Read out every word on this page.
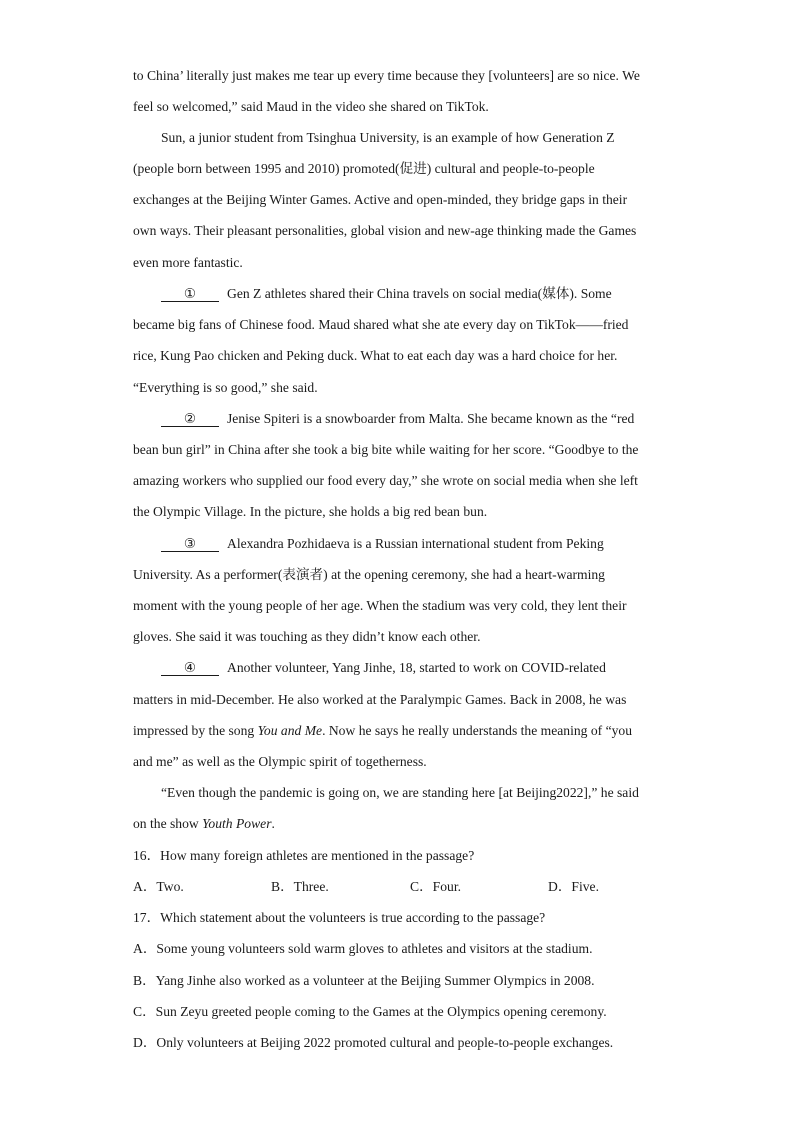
to China’ literally just makes me tear up every time because they [volunteers] are so nice. We
feel so welcomed,” said Maud in the video she shared on TikTok.
Sun, a junior student from Tsinghua University, is an example of how Generation Z
(people born between 1995 and 2010) promoted(促进) cultural and people-to-people
exchanges at the Beijing Winter Games. Active and open-minded, they bridge gaps in their
own ways. Their pleasant personalities, global vision and new-age thinking made the Games
even more fantastic.
① Gen Z athletes shared their China travels on social media(媒体). Some
became big fans of Chinese food. Maud shared what she ate every day on TikTok——fried
rice, Kung Pao chicken and Peking duck. What to eat each day was a hard choice for her.
“Everything is so good,” she said.
② Jenise Spiteri is a snowboarder from Malta. She became known as the “red
bean bun girl” in China after she took a big bite while waiting for her score. “Goodbye to the
amazing workers who supplied our food every day,” she wrote on social media when she left
the Olympic Village. In the picture, she holds a big red bean bun.
③ Alexandra Pozhidaeva is a Russian international student from Peking
University. As a performer(表演者) at the opening ceremony, she had a heart-warming
moment with the young people of her age. When the stadium was very cold, they lent their
gloves. She said it was touching as they didn’t know each other.
④ Another volunteer, Yang Jinhe, 18, started to work on COVID-related
matters in mid-December. He also worked at the Paralympic Games. Back in 2008, he was
impressed by the song You and Me. Now he says he really understands the meaning of “you
and me” as well as the Olympic spirit of togetherness.
“Even though the pandemic is going on, we are standing here [at Beijing2022],” he said
on the show Youth Power.
16．How many foreign athletes are mentioned in the passage?
A．Two.	B．Three.	C．Four.	D．Five.
17．Which statement about the volunteers is true according to the passage?
A．Some young volunteers sold warm gloves to athletes and visitors at the stadium.
B．Yang Jinhe also worked as a volunteer at the Beijing Summer Olympics in 2008.
C．Sun Zeyu greeted people coming to the Games at the Olympics opening ceremony.
D．Only volunteers at Beijing 2022 promoted cultural and people-to-people exchanges.
